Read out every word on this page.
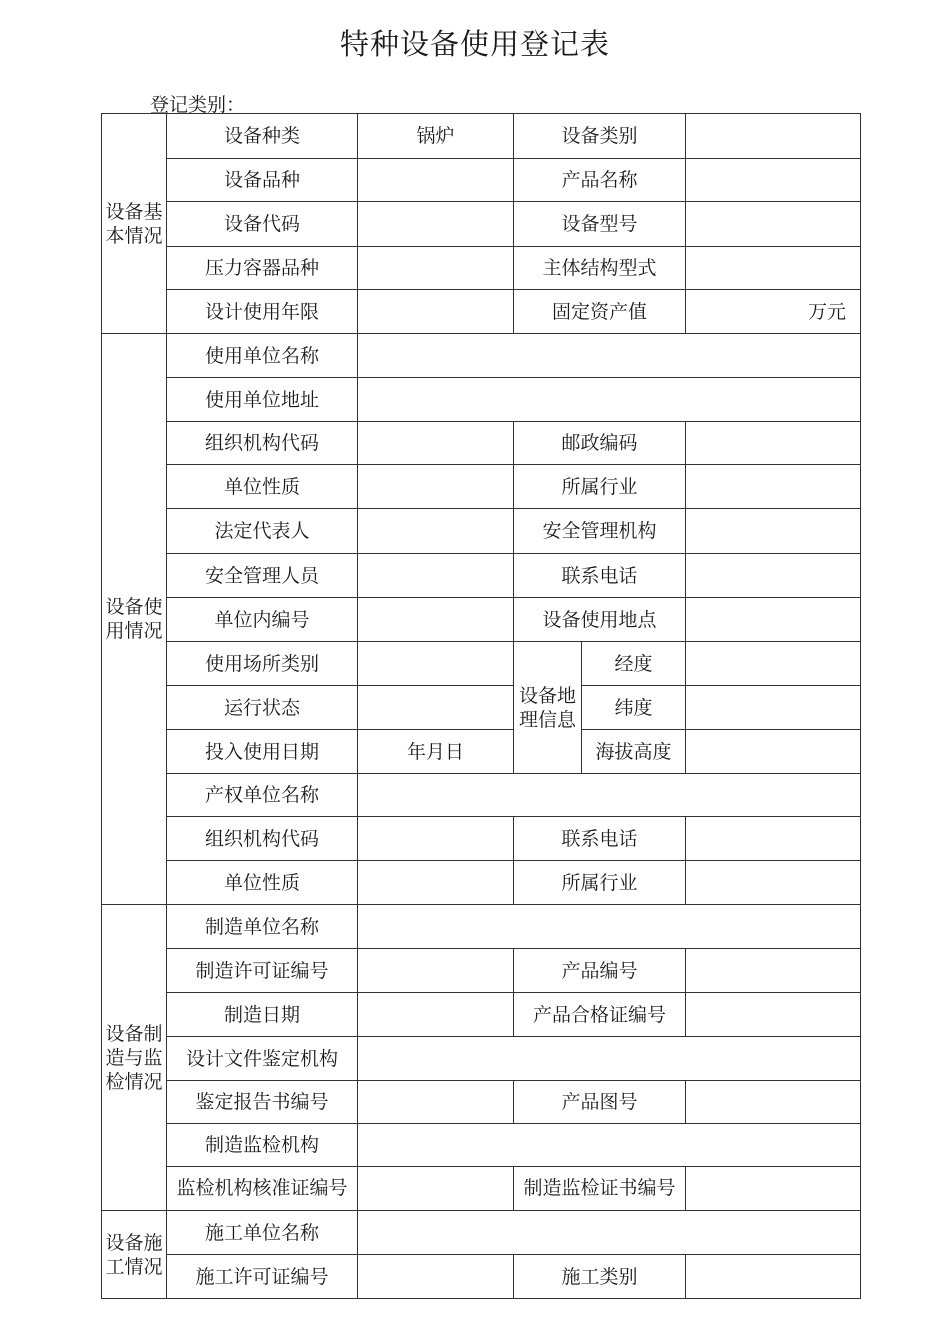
特种设备使用登记表
登记类别：
设备基本情况	设备种类	锅炉	设备类别		
	设备品种		产品名称		
	设备代码		设备型号		
	压力容器品种		主体结构型式		
	设计使用年限		固定资产值		万元
设备使用情况	使用单位名称				
	使用单位地址				
	组织机构代码		邮政编码		
	单位性质		所属行业		
	法定代表人		安全管理机构		
	安全管理人员		联系电话		
	单位内编号		设备使用地点		
	使用场所类别		设备地理信息	经度	
	运行状态			纬度	
	投入使用日期	年月日		海拔高度	
	产权单位名称				
	组织机构代码		联系电话		
	单位性质		所属行业		
设备制造与监检情况	制造单位名称				
	制造许可证编号		产品编号		
	制造日期		产品合格证编号		
	设计文件鉴定机构				
	鉴定报告书编号		产品图号		
	制造监检机构				
	监检机构核准证编号		制造监检证书编号		
设备施工情况	施工单位名称				
	施工许可证编号		施工类别		
